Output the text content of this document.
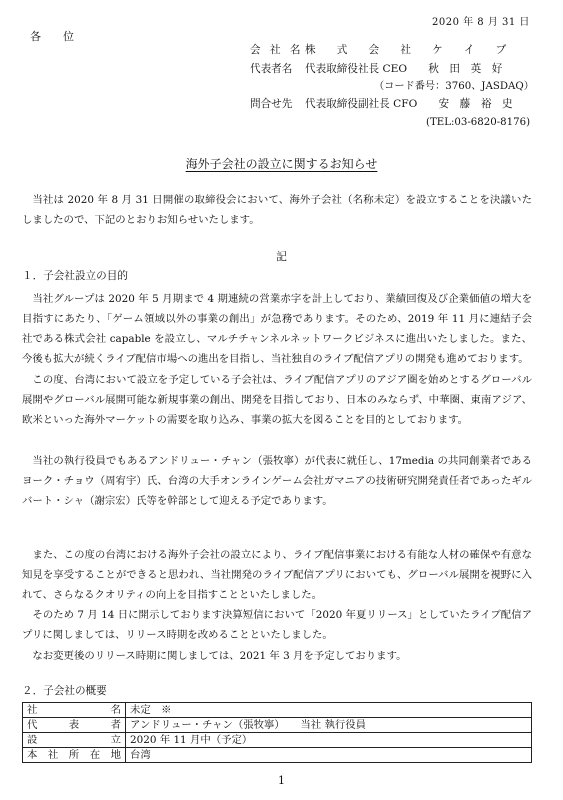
2020 年 8 月 31 日
各　　位
会 社 名 株　　式　　会　　社　　ケ　　イ　　ブ
代表者名 代表取締役社長 CEO　　秋　田　英　好
（コード番号：3760、JASDAQ）
問合せ先 代表取締役副社長 CFO　　安　藤　裕　史
(TEL:03-6820-8176)
海外子会社の設立に関するお知らせ
当社は 2020 年 8 月 31 日開催の取締役会において、海外子会社（名称未定）を設立することを決議いたしましたので、下記のとおりお知らせいたします。
記
１．子会社設立の目的
当社グループは 2020 年 5 月期まで 4 期連続の営業赤字を計上しており、業績回復及び企業価値の増大を目指すにあたり、「ゲーム領域以外の事業の創出」が急務であります。そのため、2019 年 11 月に連結子会社である株式会社 capable を設立し、マルチチャンネルネットワークビジネスに進出いたしました。また、今後も拡大が続くライブ配信市場への進出を目指し、当社独自のライブ配信アプリの開発も進めております。
この度、台湾において設立を予定している子会社は、ライブ配信アプリのアジア圏を始めとするグローバル展開やグローバル展開可能な新規事業の創出、開発を目指しており、日本のみならず、中華圏、東南アジア、欧米といった海外マーケットの需要を取り込み、事業の拡大を図ることを目的としております。
当社の執行役員でもあるアンドリュー・チャン（張牧寧）が代表に就任し、17media の共同創業者であるヨーク・チョウ（周宥宇）氏、台湾の大手オンラインゲーム会社ガマニアの技術研究開発責任者であったギルバート・シャ（謝宗宏）氏等を幹部として迎える予定であります。
また、この度の台湾における海外子会社の設立により、ライブ配信事業における有能な人材の確保や有意な知見を享受することができると思われ、当社開発のライブ配信アプリにおいても、グローバル展開を視野に入れて、さらなるクオリティの向上を目指すことといたしました。
そのため 7 月 14 日に開示しております決算短信において「2020 年夏リリース」としていたライブ配信アプリに関しましては、リリース時期を改めることといたしました。
なお変更後のリリース時期に関しましては、2021 年 3 月を予定しております。
２．子会社の概要
社名	未定　※
代表者	アンドリュー・チャン（張牧寧）　　当社 執行役員
設立	2020 年 11 月中（予定）
本社所在地	台湾
1
